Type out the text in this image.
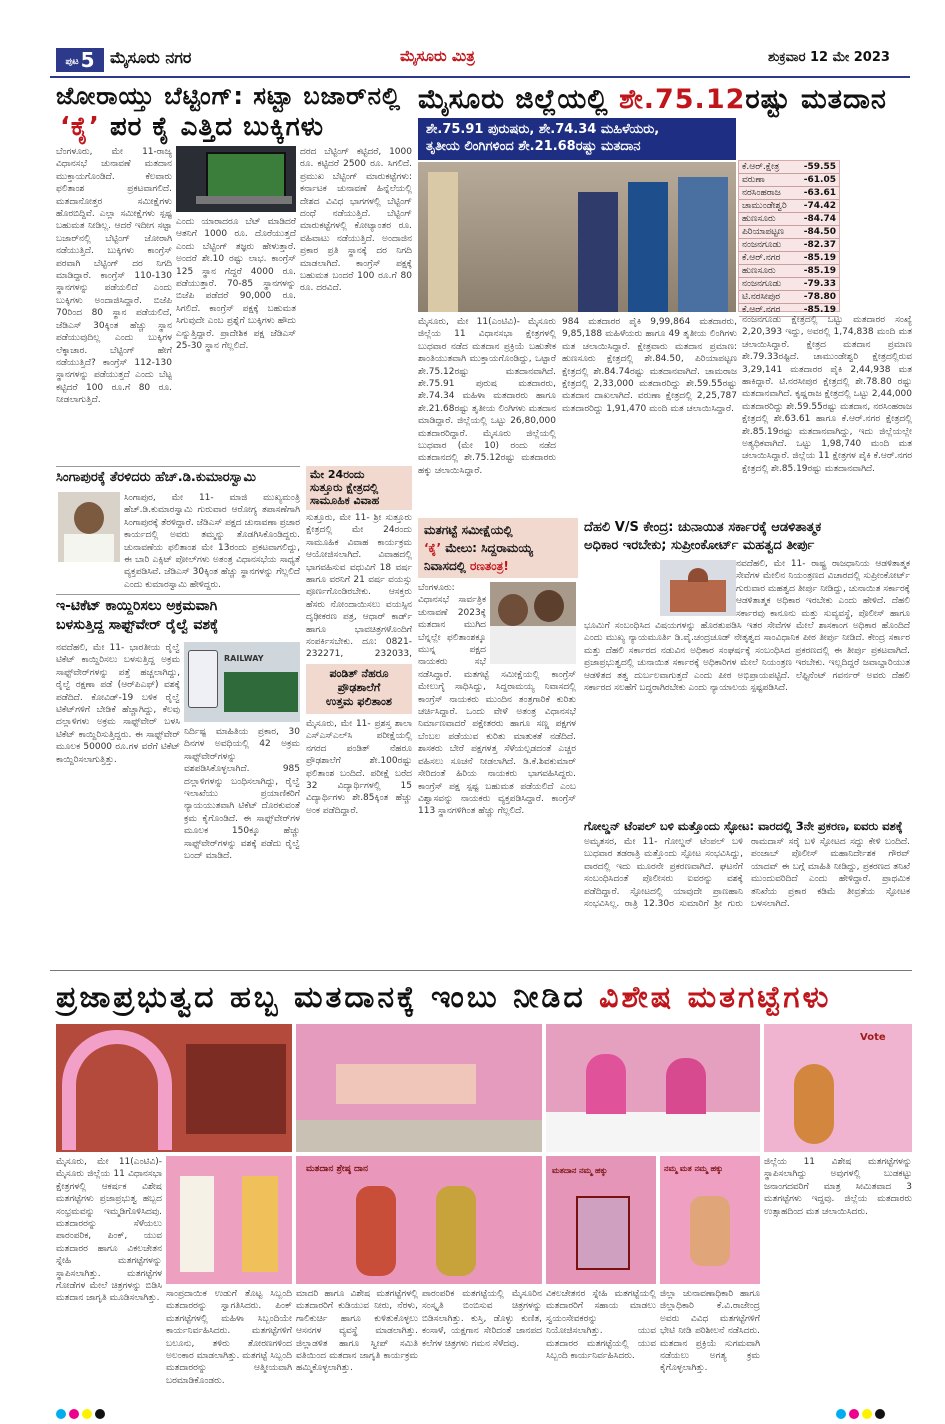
ಪುಟ 5 ಮೈಸೂರು ನಗರ	ಮೈಸೂರು ಮಿತ್ರ	ಶುಕ್ರವಾರ 12 ಮೇ 2023
ಜೋರಾಯ್ತು ಬೆಟ್ಟಿಂಗ್: ಸಟ್ಟಾ ಬಜಾರ್‌ನಲ್ಲಿ
‘ಕೈ’ ಪರ ಕೈ ಎತ್ತಿದ ಬುಕ್ಕಿಗಳು
ಬೆಂಗಳೂರು, ಮೇ 11-ರಾಜ್ಯ ವಿಧಾನಸಭೆ ಚುನಾವಣೆ ಮತದಾನ ಮುಕ್ತಾಯಗೊಂಡಿದೆ. ಕೆಲವಾರು ಫಲಿತಾಂಶ ಪ್ರಕಟವಾಗಲಿದೆ. ಮತದಾನೋತ್ತರ ಸಮೀಕ್ಷೆಗಳು ಹೊರಬಿದ್ದಿವೆ. ಎಲ್ಲಾ ಸಮೀಕ್ಷೆಗಳು ಸ್ಪಷ್ಟ ಬಹುಮತ ನೀಡಿಲ್ಲ. ಆದರೆ ಇದೀಗ ಸಟ್ಟಾ ಬಜಾರ್‌ನಲ್ಲಿ ಬೆಟ್ಟಿಂಗ್ ಜೋರಾಗಿ ನಡೆಯುತ್ತಿದೆ. ಬುಕ್ಕಿಗಳು ಕಾಂಗ್ರೆಸ್ ಪರವಾಗಿ ಬೆಟ್ಟಿಂಗ್ ದರ ನಿಗದಿ ಮಾಡಿದ್ದಾರೆ. ಕಾಂಗ್ರೆಸ್ 110-130 ಸ್ಥಾನಗಳನ್ನು ಪಡೆಯಲಿದೆ ಎಂದು ಬುಕ್ಕಿಗಳು ಅಂದಾಜಿಸಿದ್ದಾರೆ. ಬಿಜೆಪಿ 70ರಿಂದ 80 ಸ್ಥಾನ ಪಡೆಯಲಿದೆ, ಜೆಡಿಎಸ್ 30ಕ್ಕಿಂತ ಹೆಚ್ಚು ಸ್ಥಾನ ಪಡೆಯುವುದಿಲ್ಲ ಎಂದು ಬುಕ್ಕಿಗಳ ಲೆಕ್ಕಾಚಾರ. ಬೆಟ್ಟಿಂಗ್ ಹೇಗೆ ನಡೆಯುತ್ತಿದೆ? ಕಾಂಗ್ರೆಸ್ 112-130 ಸ್ಥಾನಗಳನ್ನು ಪಡೆಯುತ್ತದೆ ಎಂದು ಬೆಟ್ಟ ಕಟ್ಟಿದರೆ 100 ರೂ.ಗೆ 80 ರೂ. ನೀಡಲಾಗುತ್ತಿದೆ.
ಎಂದು ಯಾರಾದರೂ ಬೆಟ್ ಮಾಡಿದರೆ ಆತನಿಗೆ 1000 ರೂ. ದೊರೆಯುತ್ತದೆ ಎಂದು ಬೆಟ್ಟಿಂಗ್ ತಜ್ಞರು ಹೇಳುತ್ತಾರೆ. ಅಂದರೆ ಶೇ.10 ರಷ್ಟು ಲಾಭ. ಕಾಂಗ್ರೆಸ್ 125 ಸ್ಥಾನ ಗೆದ್ದರೆ 4000 ರೂ. ಪಡೆಯುತ್ತಾರೆ. 70-85 ಸ್ಥಾನಗಳನ್ನು ಬಿಜೆಪಿ ಪಡೆದರೆ 90,000 ರೂ. ಸಿಗಲಿದೆ. ಕಾಂಗ್ರೆಸ್ ಪಕ್ಷಕ್ಕೆ ಬಹುಮತ ಸಿಗುವುದೇ ಎಂಬ ಪ್ರಶ್ನೆಗೆ ಬುಕ್ಕಿಗಳು ಹೌದು ಎನ್ನುತ್ತಿದ್ದಾರೆ. ಪ್ರಾದೇಶಿಕ ಪಕ್ಷ ಜೆಡಿಎಸ್ 25-30 ಸ್ಥಾನ ಗೆಲ್ಲಲಿದೆ.
ದರದ ಬೆಟ್ಟಿಂಗ್ ಕಟ್ಟಿದರೆ, 1000 ರೂ. ಕಟ್ಟಿದರೆ 2500 ರೂ. ಸಿಗಲಿದೆ. ಪ್ರಮುಖ ಬೆಟ್ಟಿಂಗ್ ಮಾರುಕಟ್ಟೆಗಳು: ಕರ್ನಾಟಕ ಚುನಾವಣೆ ಹಿನ್ನೆಲೆಯಲ್ಲಿ ದೇಶದ ವಿವಿಧ ಭಾಗಗಳಲ್ಲಿ ಬೆಟ್ಟಿಂಗ್ ದಂಧೆ ನಡೆಯುತ್ತಿದೆ. ಬೆಟ್ಟಿಂಗ್ ಮಾರುಕಟ್ಟೆಗಳಲ್ಲಿ ಕೋಟ್ಯಾಂತರ ರೂ. ವಹಿವಾಟು ನಡೆಯುತ್ತಿದೆ. ಅಂದಾಜಿನ ಪ್ರಕಾರ ಪ್ರತಿ ಸ್ಥಾನಕ್ಕೆ ದರ ನಿಗದಿ ಮಾಡಲಾಗಿದೆ. ಕಾಂಗ್ರೆಸ್ ಪಕ್ಷಕ್ಕೆ ಬಹುಮತ ಬಂದರೆ 100 ರೂ.ಗೆ 80 ರೂ. ದರವಿದೆ.
ಮೈಸೂರು ಜಿಲ್ಲೆಯಲ್ಲಿ ಶೇ.75.12ರಷ್ಟು ಮತದಾನ
ಶೇ.75.91 ಪುರುಷರು, ಶೇ.74.34 ಮಹಿಳೆಯರು,
ತೃತೀಯ ಲಿಂಗಿಗಳಿಂದ ಶೇ.21.68ರಷ್ಟು ಮತದಾನ
ಕೆ.ಆರ್.ಕ್ಷೇತ್ರ	-59.55
ವರುಣಾ	-61.05
ನರಸಿಂಹರಾಜ	-63.61
ಚಾಮುಂಡೇಶ್ವರಿ	-74.42
ಹುಣಸೂರು	-84.74
ಪಿರಿಯಾಪಟ್ಟಣ	-84.50
ನಂಜನಗೂಡು	-82.37
ಕೆ.ಆರ್.ನಗರ	-85.19
ಹುಣಸೂರು	-85.19
ನಂಜನಗೂಡು	-79.33
ಟಿ.ನರಸೀಪುರ	-78.80
ಕೆ.ಆರ್.ನಗರ	-85.19
ಮೈಸೂರು, ಮೇ 11(ಎಂಟಿವಿ)- ಮೈಸೂರು ಜಿಲ್ಲೆಯ 11 ವಿಧಾನಸಭಾ ಕ್ಷೇತ್ರಗಳಲ್ಲಿ ಬುಧವಾರ ನಡೆದ ಮತದಾನ ಪ್ರಕ್ರಿಯೆ ಬಹುತೇಕ ಶಾಂತಿಯುತವಾಗಿ ಮುಕ್ತಾಯಗೊಂಡಿದ್ದು, ಒಟ್ಟಾರೆ ಶೇ.75.12ರಷ್ಟು ಮತದಾನವಾಗಿದೆ. ಶೇ.75.91 ಪುರುಷ ಮತದಾರರು, ಶೇ.74.34 ಮಹಿಳಾ ಮತದಾರರು ಹಾಗೂ ಶೇ.21.68ರಷ್ಟು ತೃತೀಯ ಲಿಂಗಿಗಳು ಮತದಾನ ಮಾಡಿದ್ದಾರೆ. ಜಿಲ್ಲೆಯಲ್ಲಿ ಒಟ್ಟು 26,80,000 ಮತದಾರರಿದ್ದಾರೆ. ಮೈಸೂರು ಜಿಲ್ಲೆಯಲ್ಲಿ ಬುಧವಾರ (ಮೇ 10) ರಂದು ನಡೆದ ಮತದಾನದಲ್ಲಿ ಶೇ.75.12ರಷ್ಟು ಮತದಾರರು ಹಕ್ಕು ಚಲಾಯಿಸಿದ್ದಾರೆ.
984 ಮತದಾರರ ಪೈಕಿ 9,99,864 ಮತದಾರರು, 9,85,188 ಮಹಿಳೆಯರು ಹಾಗೂ 49 ತೃತೀಯ ಲಿಂಗಿಗಳು ಮತ ಚಲಾಯಿಸಿದ್ದಾರೆ. ಕ್ಷೇತ್ರವಾರು ಮತದಾನ ಪ್ರಮಾಣ: ಹುಣಸೂರು ಕ್ಷೇತ್ರದಲ್ಲಿ ಶೇ.84.50, ಪಿರಿಯಾಪಟ್ಟಣ ಕ್ಷೇತ್ರದಲ್ಲಿ ಶೇ.84.74ರಷ್ಟು ಮತದಾನವಾಗಿದೆ. ಚಾಮರಾಜ ಕ್ಷೇತ್ರದಲ್ಲಿ 2,33,000 ಮತದಾರರಿದ್ದು ಶೇ.59.55ರಷ್ಟು ಮತದಾನ ದಾಖಲಾಗಿದೆ. ವರುಣಾ ಕ್ಷೇತ್ರದಲ್ಲಿ 2,25,787 ಮತದಾರರಿದ್ದು 1,91,470 ಮಂದಿ ಮತ ಚಲಾಯಿಸಿದ್ದಾರೆ.
ನಂಜನಗೂಡು ಕ್ಷೇತ್ರದಲ್ಲಿ ಒಟ್ಟು ಮತದಾರರ ಸಂಖ್ಯೆ 2,20,393 ಇದ್ದು, ಅವರಲ್ಲಿ 1,74,838 ಮಂದಿ ಮತ ಚಲಾಯಿಸಿದ್ದಾರೆ. ಕ್ಷೇತ್ರದ ಮತದಾನ ಪ್ರಮಾಣ ಶೇ.79.33ರಷ್ಟಿದೆ. ಚಾಮುಂಡೇಶ್ವರಿ ಕ್ಷೇತ್ರದಲ್ಲಿರುವ 3,29,141 ಮತದಾರರ ಪೈಕಿ 2,44,938 ಮತ ಹಾಕಿದ್ದಾರೆ. ಟಿ.ನರಸೀಪುರ ಕ್ಷೇತ್ರದಲ್ಲಿ ಶೇ.78.80 ರಷ್ಟು ಮತದಾನವಾಗಿದೆ. ಕೃಷ್ಣರಾಜ ಕ್ಷೇತ್ರದಲ್ಲಿ ಒಟ್ಟು 2,44,000 ಮತದಾರರಿದ್ದು ಶೇ.59.55ರಷ್ಟು ಮತದಾನ, ನರಸಿಂಹರಾಜ ಕ್ಷೇತ್ರದಲ್ಲಿ ಶೇ.63.61 ಹಾಗೂ ಕೆ.ಆರ್.ನಗರ ಕ್ಷೇತ್ರದಲ್ಲಿ ಶೇ.85.19ರಷ್ಟು ಮತದಾನವಾಗಿದ್ದು, ಇದು ಜಿಲ್ಲೆಯಲ್ಲೇ ಅತ್ಯಧಿಕವಾಗಿದೆ. ಒಟ್ಟು 1,98,740 ಮಂದಿ ಮತ ಚಲಾಯಿಸಿದ್ದಾರೆ. ಜಿಲ್ಲೆಯ 11 ಕ್ಷೇತ್ರಗಳ ಪೈಕಿ ಕೆ.ಆರ್.ನಗರ ಕ್ಷೇತ್ರದಲ್ಲಿ ಶೇ.85.19ರಷ್ಟು ಮತದಾನವಾಗಿದೆ.
ಸಿಂಗಾಪುರಕ್ಕೆ ತೆರಳಿದರು ಹೆಚ್.ಡಿ.ಕುಮಾರಸ್ವಾಮಿ
ಸಿಂಗಾಪುರ, ಮೇ 11- ಮಾಜಿ ಮುಖ್ಯಮಂತ್ರಿ ಹೆಚ್.ಡಿ.ಕುಮಾರಸ್ವಾಮಿ ಗುರುವಾರ ಆರೋಗ್ಯ ತಪಾಸಣೆಗಾಗಿ ಸಿಂಗಾಪುರಕ್ಕೆ ತೆರಳಿದ್ದಾರೆ. ಜೆಡಿಎಸ್ ಪಕ್ಷದ ಚುನಾವಣಾ ಪ್ರಚಾರ ಕಾರ್ಯದಲ್ಲಿ ಅವರು ತಮ್ಮನ್ನು ತೊಡಗಿಸಿಕೊಂಡಿದ್ದರು. ಚುನಾವಣೆಯ ಫಲಿತಾಂಶ ಮೇ 13ರಂದು ಪ್ರಕಟವಾಗಲಿದ್ದು, ಈ ಬಾರಿ ಎಕ್ಸಿಟ್ ಪೋಲ್‌ಗಳು ಅತಂತ್ರ ವಿಧಾನಸಭೆಯ ಸಾಧ್ಯತೆ ವ್ಯಕ್ತಪಡಿಸಿವೆ. ಜೆಡಿಎಸ್ 30ಕ್ಕಿಂತ ಹೆಚ್ಚು ಸ್ಥಾನಗಳನ್ನು ಗೆಲ್ಲಲಿದೆ ಎಂದು ಕುಮಾರಸ್ವಾಮಿ ಹೇಳಿದ್ದರು.
ಇ-ಟಿಕೆಟ್ ಕಾಯ್ದಿರಿಸಲು ಅಕ್ರಮವಾಗಿ
ಬಳಸುತ್ತಿದ್ದ ಸಾಫ್ಟ್‌ವೇರ್ ರೈಲ್ವೆ ವಶಕ್ಕೆ
ನವದೆಹಲಿ, ಮೇ 11- ಭಾರತೀಯ ರೈಲ್ವೆ ಟಿಕೆಟ್ ಕಾಯ್ದಿರಿಸಲು ಬಳಸುತ್ತಿದ್ದ ಅಕ್ರಮ ಸಾಫ್ಟ್‌ವೇರ್‌ಗಳನ್ನು ಪತ್ತೆ ಹಚ್ಚಲಾಗಿದ್ದು, ರೈಲ್ವೆ ರಕ್ಷಣಾ ಪಡೆ (ಆರ್‌ಪಿಎಫ್) ವಶಕ್ಕೆ ಪಡೆದಿದೆ. ಕೋವಿಡ್-19 ಬಳಿಕ ರೈಲ್ವೆ ಟಿಕೆಟ್‌ಗಳಿಗೆ ಬೇಡಿಕೆ ಹೆಚ್ಚಾಗಿದ್ದು, ಕೆಲವು ದಲ್ಲಾಳಿಗಳು ಅಕ್ರಮ ಸಾಫ್ಟ್‌ವೇರ್ ಬಳಸಿ ಟಿಕೆಟ್ ಕಾಯ್ದಿರಿಸುತ್ತಿದ್ದರು. ಈ ಸಾಫ್ಟ್‌ವೇರ್ ಮೂಲಕ 50000 ರೂ.ಗಳ ವರೆಗೆ ಟಿಕೆಟ್ ಕಾಯ್ದಿರಿಸಲಾಗುತ್ತಿತ್ತು.
RAILWAY
ನಿರ್ದಿಷ್ಟ ಮಾಹಿತಿಯ ಪ್ರಕಾರ, 30 ದಿನಗಳ ಅವಧಿಯಲ್ಲಿ 42 ಅಕ್ರಮ ಸಾಫ್ಟ್‌ವೇರ್‌ಗಳನ್ನು ವಶಪಡಿಸಿಕೊಳ್ಳಲಾಗಿದೆ. 985 ದಲ್ಲಾಳಿಗಳನ್ನು ಬಂಧಿಸಲಾಗಿದ್ದು, ರೈಲ್ವೆ ಇಲಾಖೆಯು ಪ್ರಯಾಣಿಕರಿಗೆ ನ್ಯಾಯಯುತವಾಗಿ ಟಿಕೆಟ್ ದೊರಕುವಂತೆ ಕ್ರಮ ಕೈಗೊಂಡಿದೆ. ಈ ಸಾಫ್ಟ್‌ವೇರ್‌ಗಳ ಮೂಲಕ 150ಕ್ಕೂ ಹೆಚ್ಚು ಸಾಫ್ಟ್‌ವೇರ್‌ಗಳನ್ನು ವಶಕ್ಕೆ ಪಡೆದು ರೈಲ್ವೆ ಬಂದ್ ಮಾಡಿದೆ.
ಮೇ 24ರಂದು
ಸುತ್ತೂರು ಕ್ಷೇತ್ರದಲ್ಲಿ
ಸಾಮೂಹಿಕ ವಿವಾಹ
ಸುತ್ತೂರು, ಮೇ 11- ಶ್ರೀ ಸುತ್ತೂರು ಕ್ಷೇತ್ರದಲ್ಲಿ ಮೇ 24ರಂದು ಸಾಮೂಹಿಕ ವಿವಾಹ ಕಾರ್ಯಕ್ರಮ ಆಯೋಜಿಸಲಾಗಿದೆ. ವಿವಾಹದಲ್ಲಿ ಭಾಗವಹಿಸುವ ವಧುವಿಗೆ 18 ವರ್ಷ ಹಾಗೂ ವರನಿಗೆ 21 ವರ್ಷ ವಯಸ್ಸು ಪೂರ್ಣಗೊಂಡಿರಬೇಕು. ಆಸಕ್ತರು ಹೆಸರು ನೋಂದಾಯಿಸಲು ವಯಸ್ಸಿನ ದೃಢೀಕರಣ ಪತ್ರ, ಆಧಾರ್ ಕಾರ್ಡ್ ಹಾಗೂ ಭಾವಚಿತ್ರಗಳೊಂದಿಗೆ ಸಂಪರ್ಕಿಸಬೇಕು. ದೂ: 0821-232271, 232033,
ಪಂಡಿತ್ ನೆಹರೂ
ಪ್ರೌಢಶಾಲೆಗೆ
ಉತ್ತಮ ಫಲಿತಾಂಶ
ಮೈಸೂರು, ಮೇ 11- ಪ್ರಶಸ್ತ ಶಾಲಾ ಎಸ್‌ಎಸ್‌ಎಲ್‌ಸಿ ಪರೀಕ್ಷೆಯಲ್ಲಿ ನಗರದ ಪಂಡಿತ್ ನೆಹರೂ ಪ್ರೌಢಶಾಲೆಗೆ ಶೇ.100ರಷ್ಟು ಫಲಿತಾಂಶ ಬಂದಿದೆ. ಪರೀಕ್ಷೆ ಬರೆದ 32 ವಿದ್ಯಾರ್ಥಿಗಳಲ್ಲಿ 15 ವಿದ್ಯಾರ್ಥಿಗಳು ಶೇ.85ಕ್ಕಿಂತ ಹೆಚ್ಚು ಅಂಕ ಪಡೆದಿದ್ದಾರೆ.
ಮತಗಟ್ಟೆ ಸಮೀಕ್ಷೆಯಲ್ಲಿ
‘ಕೈ’ ಮೇಲು: ಸಿದ್ದರಾಮಯ್ಯ
ನಿವಾಸದಲ್ಲಿ ರಣತಂತ್ರ!
ಬೆಂಗಳೂರು: ವಿಧಾನಸಭೆ ಸಾರ್ವತ್ರಿಕ ಚುನಾವಣೆ 2023ಕ್ಕೆ ಮತದಾನ ಮುಗಿದ ಬೆನ್ನಲ್ಲೇ ಫಲಿತಾಂಶಕ್ಕೂ ಮುನ್ನ ಪಕ್ಷದ ನಾಯಕರು ಸಭೆ ನಡೆಸಿದ್ದಾರೆ. ಮತಗಟ್ಟೆ ಸಮೀಕ್ಷೆಯಲ್ಲಿ ಕಾಂಗ್ರೆಸ್ ಮೇಲುಗೈ ಸಾಧಿಸಿದ್ದು, ಸಿದ್ದರಾಮಯ್ಯ ನಿವಾಸದಲ್ಲಿ ಕಾಂಗ್ರೆಸ್ ನಾಯಕರು ಮುಂದಿನ ತಂತ್ರಗಾರಿಕೆ ಕುರಿತು ಚರ್ಚಿಸಿದ್ದಾರೆ. ಒಂದು ವೇಳೆ ಅತಂತ್ರ ವಿಧಾನಸಭೆ ನಿರ್ಮಾಣವಾದರೆ ಪಕ್ಷೇತರರು ಹಾಗೂ ಸಣ್ಣ ಪಕ್ಷಗಳ ಬೆಂಬಲ ಪಡೆಯುವ ಕುರಿತು ಮಾತುಕತೆ ನಡೆದಿದೆ. ಶಾಸಕರು ಬೇರೆ ಪಕ್ಷಗಳತ್ತ ಸೆಳೆಯಲ್ಪಡದಂತೆ ಎಚ್ಚರ ವಹಿಸಲು ಸೂಚನೆ ನೀಡಲಾಗಿದೆ. ಡಿ.ಕೆ.ಶಿವಕುಮಾರ್ ಸೇರಿದಂತೆ ಹಿರಿಯ ನಾಯಕರು ಭಾಗವಹಿಸಿದ್ದರು. ಕಾಂಗ್ರೆಸ್ ಪಕ್ಷ ಸ್ಪಷ್ಟ ಬಹುಮತ ಪಡೆಯಲಿದೆ ಎಂಬ ವಿಶ್ವಾಸವನ್ನು ನಾಯಕರು ವ್ಯಕ್ತಪಡಿಸಿದ್ದಾರೆ. ಕಾಂಗ್ರೆಸ್ 113 ಸ್ಥಾನಗಳಿಗಿಂತ ಹೆಚ್ಚು ಗೆಲ್ಲಲಿದೆ.
ದೆಹಲಿ V/S ಕೇಂದ್ರ: ಚುನಾಯಿತ ಸರ್ಕಾರಕ್ಕೆ ಆಡಳಿತಾತ್ಮಕ
ಅಧಿಕಾರ ಇರಬೇಕು; ಸುಪ್ರೀಂಕೋರ್ಟ್ ಮಹತ್ವದ ತೀರ್ಪು
ನವದೆಹಲಿ, ಮೇ 11- ರಾಷ್ಟ್ರ ರಾಜಧಾನಿಯ ಆಡಳಿತಾತ್ಮಕ ಸೇವೆಗಳ ಮೇಲಿನ ನಿಯಂತ್ರಣದ ವಿಚಾರದಲ್ಲಿ ಸುಪ್ರೀಂಕೋರ್ಟ್ ಗುರುವಾರ ಮಹತ್ವದ ತೀರ್ಪು ನೀಡಿದ್ದು, ಚುನಾಯಿತ ಸರ್ಕಾರಕ್ಕೆ ಆಡಳಿತಾತ್ಮಕ ಅಧಿಕಾರ ಇರಬೇಕು ಎಂದು ಹೇಳಿದೆ. ದೆಹಲಿ ಸರ್ಕಾರವು ಕಾನೂನು ಮತ್ತು ಸುವ್ಯವಸ್ಥೆ, ಪೊಲೀಸ್ ಹಾಗೂ ಭೂಮಿಗೆ ಸಂಬಂಧಿಸಿದ ವಿಷಯಗಳನ್ನು ಹೊರತುಪಡಿಸಿ ಇತರ ಸೇವೆಗಳ ಮೇಲೆ ಶಾಸಕಾಂಗ ಅಧಿಕಾರ ಹೊಂದಿದೆ ಎಂದು ಮುಖ್ಯ ನ್ಯಾಯಮೂರ್ತಿ ಡಿ.ವೈ.ಚಂದ್ರಚೂಡ್ ನೇತೃತ್ವದ ಸಾಂವಿಧಾನಿಕ ಪೀಠ ತೀರ್ಪು ನೀಡಿದೆ. ಕೇಂದ್ರ ಸರ್ಕಾರ ಮತ್ತು ದೆಹಲಿ ಸರ್ಕಾರದ ನಡುವಿನ ಅಧಿಕಾರ ಸಂಘರ್ಷಕ್ಕೆ ಸಂಬಂಧಿಸಿದ ಪ್ರಕರಣದಲ್ಲಿ ಈ ತೀರ್ಪು ಪ್ರಕಟವಾಗಿದೆ. ಪ್ರಜಾಪ್ರಭುತ್ವದಲ್ಲಿ ಚುನಾಯಿತ ಸರ್ಕಾರಕ್ಕೆ ಅಧಿಕಾರಿಗಳ ಮೇಲೆ ನಿಯಂತ್ರಣ ಇರಬೇಕು. ಇಲ್ಲದಿದ್ದರೆ ಜವಾಬ್ದಾರಿಯುತ ಆಡಳಿತದ ತತ್ವ ದುರ್ಬಲವಾಗುತ್ತದೆ ಎಂದು ಪೀಠ ಅಭಿಪ್ರಾಯಪಟ್ಟಿದೆ. ಲೆಫ್ಟಿನೆಂಟ್ ಗವರ್ನರ್ ಅವರು ದೆಹಲಿ ಸರ್ಕಾರದ ಸಲಹೆಗೆ ಬದ್ಧರಾಗಿರಬೇಕು ಎಂದು ನ್ಯಾಯಾಲಯ ಸ್ಪಷ್ಟಪಡಿಸಿದೆ.
ಗೋಲ್ಡನ್ ಟೆಂಪಲ್ ಬಳಿ ಮತ್ತೊಂದು ಸ್ಫೋಟ: ವಾರದಲ್ಲಿ 3ನೇ ಪ್ರಕರಣ, ಐವರು ವಶಕ್ಕೆ
ಅಮೃತಸರ, ಮೇ 11- ಗೋಲ್ಡನ್ ಟೆಂಪಲ್ ಬಳಿ ಬುಧವಾರ ತಡರಾತ್ರಿ ಮತ್ತೊಂದು ಸ್ಫೋಟ ಸಂಭವಿಸಿದ್ದು, ವಾರದಲ್ಲಿ ಇದು ಮೂರನೇ ಪ್ರಕರಣವಾಗಿದೆ. ಘಟನೆಗೆ ಸಂಬಂಧಿಸಿದಂತೆ ಪೊಲೀಸರು ಐವರನ್ನು ವಶಕ್ಕೆ ಪಡೆದಿದ್ದಾರೆ. ಸ್ಫೋಟದಲ್ಲಿ ಯಾವುದೇ ಪ್ರಾಣಹಾನಿ ಸಂಭವಿಸಿಲ್ಲ. ರಾತ್ರಿ 12.30ರ ಸುಮಾರಿಗೆ ಶ್ರೀ ಗುರು ರಾಮದಾಸ್ ಸರೈ ಬಳಿ ಸ್ಫೋಟದ ಸದ್ದು ಕೇಳಿ ಬಂದಿದೆ. ಪಂಜಾಬ್ ಪೊಲೀಸ್ ಮಹಾನಿರ್ದೇಶಕ ಗೌರವ್ ಯಾದವ್ ಈ ಬಗ್ಗೆ ಮಾಹಿತಿ ನೀಡಿದ್ದು, ಪ್ರಕರಣದ ತನಿಖೆ ಮುಂದುವರಿದಿದೆ ಎಂದು ಹೇಳಿದ್ದಾರೆ. ಪ್ರಾಥಮಿಕ ತನಿಖೆಯ ಪ್ರಕಾರ ಕಡಿಮೆ ತೀವ್ರತೆಯ ಸ್ಫೋಟಕ ಬಳಸಲಾಗಿದೆ.
ಪ್ರಜಾಪ್ರಭುತ್ವದ ಹಬ್ಬ ಮತದಾನಕ್ಕೆ ಇಂಬು ನೀಡಿದ ವಿಶೇಷ ಮತಗಟ್ಟೆಗಳು
Vote
ಮತದಾನ ಶ್ರೇಷ್ಠ ದಾನ	ಮತದಾನ ನಮ್ಮ ಹಕ್ಕು	ನಮ್ಮ ಮತ ನಮ್ಮ ಹಕ್ಕು
ಮೈಸೂರು, ಮೇ 11(ಎಂಟಿವಿ)- ಮೈಸೂರು ಜಿಲ್ಲೆಯ 11 ವಿಧಾನಸಭಾ ಕ್ಷೇತ್ರಗಳಲ್ಲಿ ಆಕರ್ಷಕ ವಿಶೇಷ ಮತಗಟ್ಟೆಗಳು ಪ್ರಜಾಪ್ರಭುತ್ವ ಹಬ್ಬದ ಸಂಭ್ರಮವನ್ನು ಇಮ್ಮಡಿಗೊಳಿಸಿದವು. ಮತದಾರರನ್ನು ಸೆಳೆಯಲು ಪಾರಂಪರಿಕ, ಪಿಂಕ್, ಯುವ ಮತದಾರರ ಹಾಗೂ ವಿಕಲಚೇತನ ಸ್ನೇಹಿ ಮತಗಟ್ಟೆಗಳನ್ನು ಸ್ಥಾಪಿಸಲಾಗಿತ್ತು. ಮತಗಟ್ಟೆಗಳ ಗೋಡೆಗಳ ಮೇಲೆ ಚಿತ್ರಗಳನ್ನು ಬಿಡಿಸಿ ಮತದಾನ ಜಾಗೃತಿ ಮೂಡಿಸಲಾಗಿತ್ತು. ಸಾಂಪ್ರದಾಯಿಕ ಉಡುಗೆ ತೊಟ್ಟ ಸಿಬ್ಬಂದಿ ಮತದಾರರನ್ನು ಸ್ವಾಗತಿಸಿದರು. ಪಿಂಕ್ ಮತಗಟ್ಟೆಗಳಲ್ಲಿ ಮಹಿಳಾ ಸಿಬ್ಬಂದಿಯೇ ಕಾರ್ಯನಿರ್ವಹಿಸಿದರು. ಮತಗಟ್ಟೆಗಳಿಗೆ ಬಲೂನು, ತಳಿರು ತೋರಣಗಳಿಂದ ಅಲಂಕಾರ ಮಾಡಲಾಗಿತ್ತು. ಮತಗಟ್ಟೆ ಸಿಬ್ಬಂದಿ ಮತದಾರರನ್ನು ಆತ್ಮೀಯವಾಗಿ ಬರಮಾಡಿಕೊಂಡರು.
ಮಾದರಿ ಹಾಗೂ ವಿಶೇಷ ಮತಗಟ್ಟೆಗಳಲ್ಲಿ ಮತದಾರರಿಗೆ ಕುಡಿಯುವ ನೀರು, ನೆರಳು, ಗಾಲಿಕುರ್ಚಿ ಹಾಗೂ ಕುಳಿತುಕೊಳ್ಳಲು ಆಸನಗಳ ವ್ಯವಸ್ಥೆ ಮಾಡಲಾಗಿತ್ತು. ಜಿಲ್ಲಾಡಳಿತ ಹಾಗೂ ಸ್ವೀಪ್ ಸಮಿತಿ ವತಿಯಿಂದ ಮತದಾನ ಜಾಗೃತಿ ಕಾರ್ಯಕ್ರಮ ಹಮ್ಮಿಕೊಳ್ಳಲಾಗಿತ್ತು.
ಪಾರಂಪರಿಕ ಮತಗಟ್ಟೆಯಲ್ಲಿ ಮೈಸೂರಿನ ಸಂಸ್ಕೃತಿ ಬಿಂಬಿಸುವ ಚಿತ್ರಗಳನ್ನು ಬಿಡಿಸಲಾಗಿತ್ತು. ಕುಸ್ತಿ, ಡೊಳ್ಳು ಕುಣಿತ, ಕಂಸಾಳೆ, ಯಕ್ಷಗಾನ ಸೇರಿದಂತೆ ಜಾನಪದ ಕಲೆಗಳ ಚಿತ್ರಗಳು ಗಮನ ಸೆಳೆದವು.
ವಿಕಲಚೇತನರ ಸ್ನೇಹಿ ಮತಗಟ್ಟೆಯಲ್ಲಿ ಮತದಾರರಿಗೆ ಸಹಾಯ ಮಾಡಲು ಸ್ವಯಂಸೇವಕರನ್ನು ನಿಯೋಜಿಸಲಾಗಿತ್ತು. ಯುವ ಮತದಾರರ ಮತಗಟ್ಟೆಯಲ್ಲಿ ಯುವ ಸಿಬ್ಬಂದಿ ಕಾರ್ಯನಿರ್ವಹಿಸಿದರು.
ಜಿಲ್ಲಾ ಚುನಾವಣಾಧಿಕಾರಿ ಹಾಗೂ ಜಿಲ್ಲಾಧಿಕಾರಿ ಕೆ.ವಿ.ರಾಜೇಂದ್ರ ಅವರು ವಿವಿಧ ಮತಗಟ್ಟೆಗಳಿಗೆ ಭೇಟಿ ನೀಡಿ ಪರಿಶೀಲನೆ ನಡೆಸಿದರು. ಮತದಾನ ಪ್ರಕ್ರಿಯೆ ಸುಗಮವಾಗಿ ನಡೆಯಲು ಅಗತ್ಯ ಕ್ರಮ ಕೈಗೊಳ್ಳಲಾಗಿತ್ತು.
ಜಿಲ್ಲೆಯ 11 ವಿಶೇಷ ಮತಗಟ್ಟೆಗಳನ್ನು ಸ್ಥಾಪಿಸಲಾಗಿದ್ದು ಅವುಗಳಲ್ಲಿ ಬುಡಕಟ್ಟು ಜನಾಂಗದವರಿಗೆ ಮಾತ್ರ ಸೀಮಿತವಾದ 3 ಮತಗಟ್ಟೆಗಳು ಇದ್ದವು. ಜಿಲ್ಲೆಯ ಮತದಾರರು ಉತ್ಸಾಹದಿಂದ ಮತ ಚಲಾಯಿಸಿದರು.
